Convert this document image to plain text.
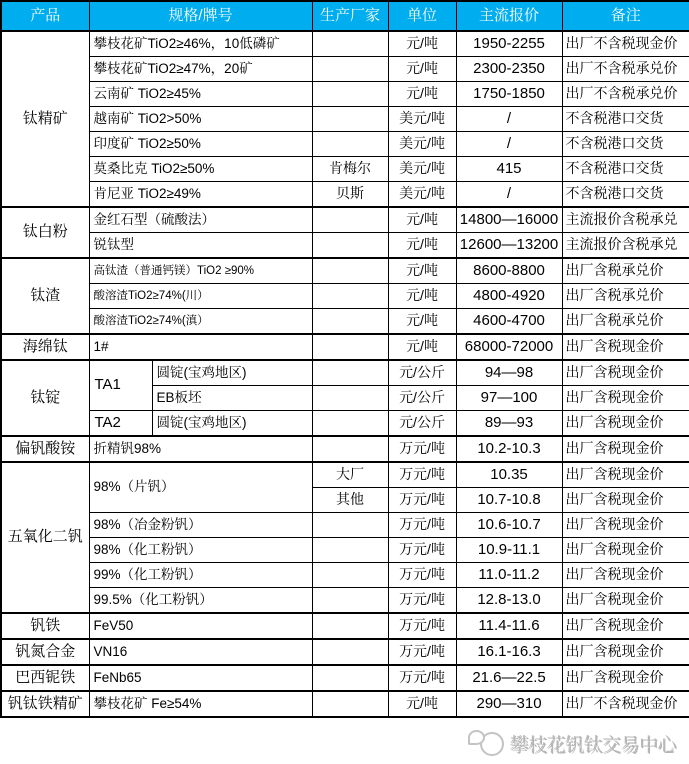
产品	规格/牌号		生产厂家	单位	主流报价	备注
钛精矿	攀枝花矿TiO2≥46%，10低磷矿			元/吨	1950-2255	出厂不含税现金价
	攀枝花矿TiO2≥47%，20矿			元/吨	2300-2350	出厂不含税承兑价
	云南矿 TiO2≥45%			元/吨	1750-1850	出厂不含税承兑价
	越南矿 TiO2>50%			美元/吨	/	不含税港口交货
	印度矿 TiO2≥50%			美元/吨	/	不含税港口交货
	莫桑比克 TiO2≥50%		肯梅尔	美元/吨	415	不含税港口交货
	肯尼亚 TiO2≥49%		贝斯	美元/吨	/	不含税港口交货
钛白粉	金红石型（硫酸法）			元/吨	14800—16000	主流报价含税承兑
	锐钛型			元/吨	12600—13200	主流报价含税承兑
钛渣	高钛渣（普通钙镁）TiO2 ≥90%			元/吨	8600-8800	出厂含税承兑价
	酸溶渣TiO2≥74%(川）			元/吨	4800-4920	出厂含税承兑价
	酸溶渣TiO2≥74%(滇）			元/吨	4600-4700	出厂含税承兑价
海绵钛	1#			元/吨	68000-72000	出厂含税现金价
钛锭	TA1	圆锭(宝鸡地区)		元/公斤	94—98	出厂含税现金价
		EB板坯		元/公斤	97—100	出厂含税现金价
	TA2	圆锭(宝鸡地区)		元/公斤	89—93	出厂含税现金价
偏钒酸铵	折精钒98%			万元/吨	10.2-10.3	出厂含税现金价
五氧化二钒	98%（片钒）		大厂	万元/吨	10.35	出厂含税现金价
			其他	万元/吨	10.7-10.8	出厂含税现金价
	98%（冶金粉钒）			万元/吨	10.6-10.7	出厂含税现金价
	98%（化工粉钒）			万元/吨	10.9-11.1	出厂含税现金价
	99%（化工粉钒）			万元/吨	11.0-11.2	出厂含税现金价
	99.5%（化工粉钒）			万元/吨	12.8-13.0	出厂含税现金价
钒铁	FeV50			万元/吨	11.4-11.6	出厂含税现金价
钒氮合金	VN16			万元/吨	16.1-16.3	出厂含税现金价
巴西铌铁	FeNb65			万元/吨	21.6—22.5	出厂含税现金价
钒钛铁精矿	攀枝花矿 Fe≥54%			元/吨	290—310	出厂不含税现金价
攀枝花钒钛交易中心
